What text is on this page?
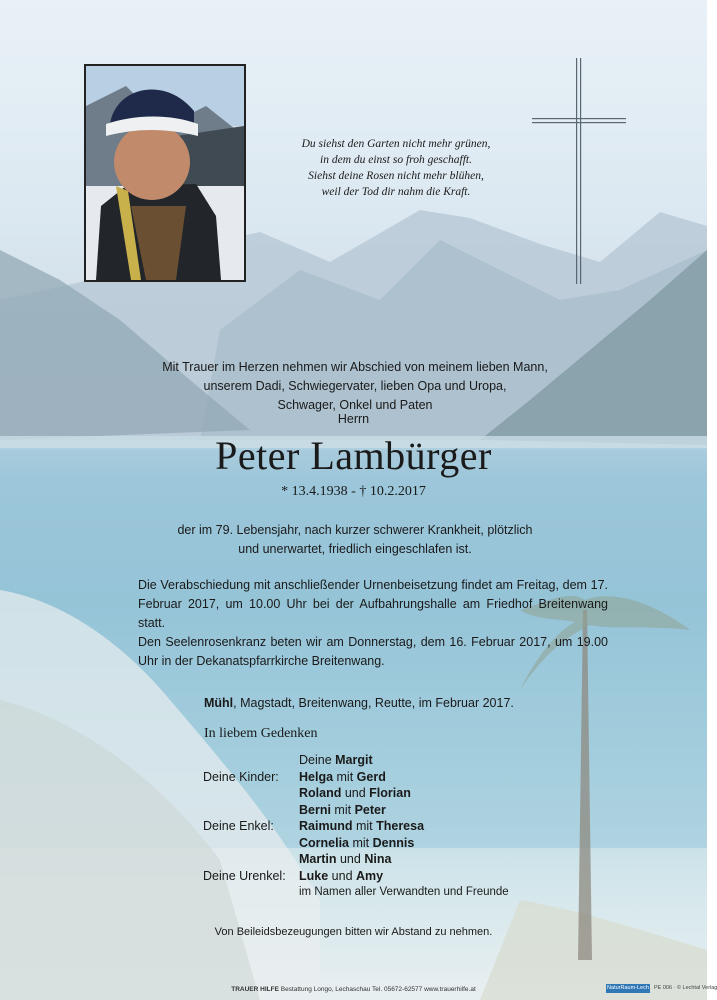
Du siehst den Garten nicht mehr grünen,
in dem du einst so froh geschafft.
Siehst deine Rosen nicht mehr blühen,
weil der Tod dir nahm die Kraft.
Mit Trauer im Herzen nehmen wir Abschied von meinem lieben Mann,
unserem Dadi, Schwiegervater, lieben Opa und Uropa,
Schwager, Onkel und Paten
Herrn
Peter Lambürger
* 13.4.1938 - † 10.2.2017
der im 79. Lebensjahr, nach kurzer schwerer Krankheit, plötzlich
und unerwartet, friedlich eingeschlafen ist.
Die Verabschiedung mit anschließender Urnenbeisetzung findet am Freitag, dem 17. Februar 2017, um 10.00 Uhr bei der Aufbahrungshalle am Friedhof Breitenwang statt.
Den Seelenrosenkranz beten wir am Donnerstag, dem 16. Februar 2017, um 19.00 Uhr in der Dekanatspfarrkirche Breitenwang.
Mühl, Magstadt, Breitenwang, Reutte, im Februar 2017.
In liebem Gedenken
Deine Margit
Deine Kinder:	Helga mit Gerd
Roland und Florian
Berni mit Peter
Deine Enkel:	Raimund mit Theresa
Cornelia mit Dennis
Martin und Nina
Deine Urenkel:	Luke und Amy
im Namen aller Verwandten und Freunde
Von Beileidsbezeugungen bitten wir Abstand zu nehmen.
TRAUER HILFE Bestattung Longo, Lechaschau Tel. 05672-62577 www.trauerhilfe.at	NaturRaum-Lech PE 006 · © Lechtal Verlag
